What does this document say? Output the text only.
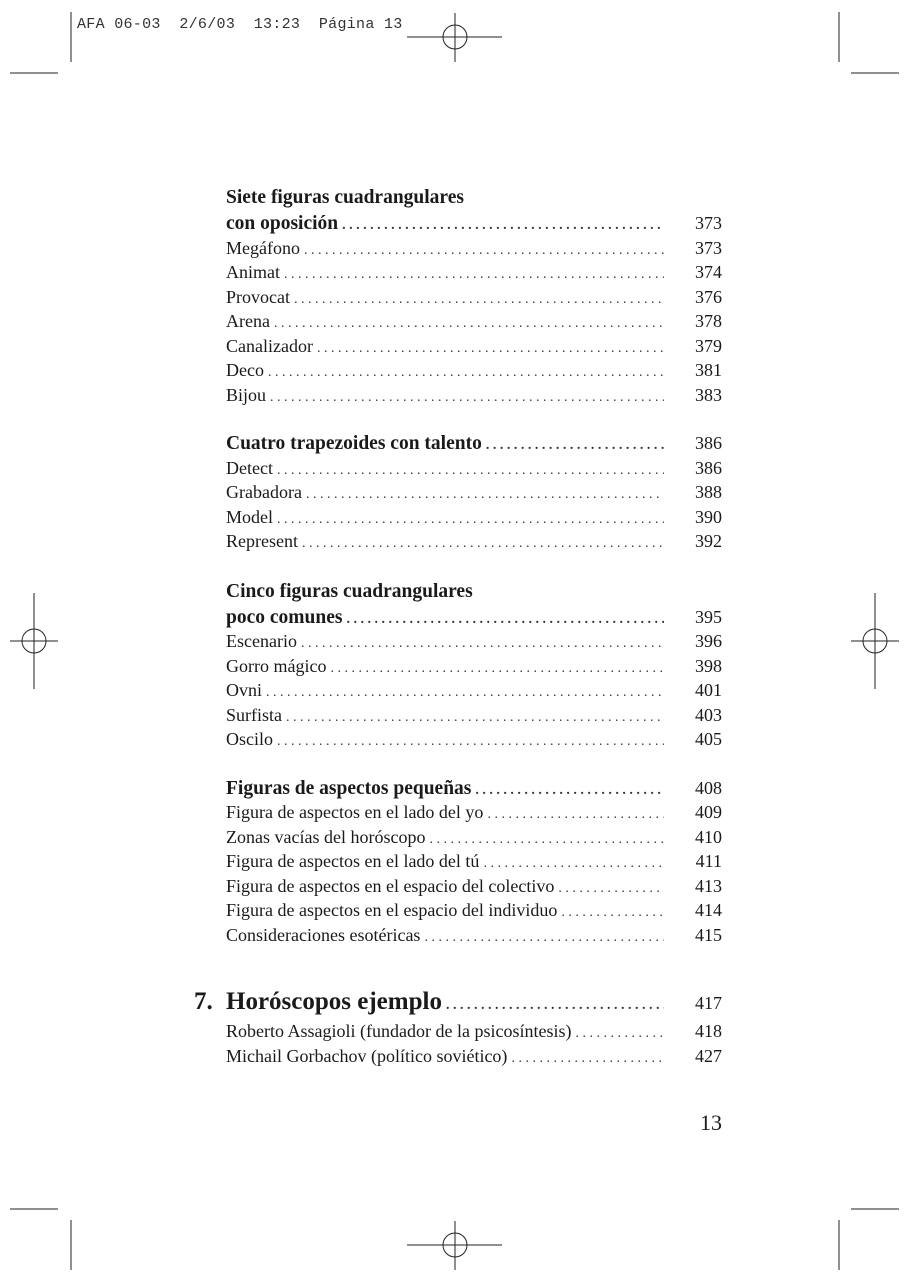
AFA 06-03  2/6/03  13:23  Página 13
Siete figuras cuadrangulares
con oposición . . .	373
Megáfono . . .	373
Animat . . .	374
Provocat . . .	376
Arena . . .	378
Canalizador . . .	379
Deco . . .	381
Bijou . . .	383
Cuatro trapezoides con talento . . .	386
Detect . . .	386
Grabadora . . .	388
Model . . .	390
Represent . . .	392
Cinco figuras cuadrangulares
poco comunes . . .	395
Escenario . . .	396
Gorro mágico . . .	398
Ovni . . .	401
Surfista . . .	403
Oscilo . . .	405
Figuras de aspectos pequeñas . . .	408
Figura de aspectos en el lado del yo . . .	409
Zonas vacías del horóscopo . . .	410
Figura de aspectos en el lado del tú . . .	411
Figura de aspectos en el espacio del colectivo . . .	413
Figura de aspectos en el espacio del individuo . . .	414
Consideraciones esotéricas . . .	415
7. Horóscopos ejemplo . . .	417
Roberto Assagioli (fundador de la psicosíntesis) . . .	418
Michail Gorbachov (político soviético) . . .	427
13
